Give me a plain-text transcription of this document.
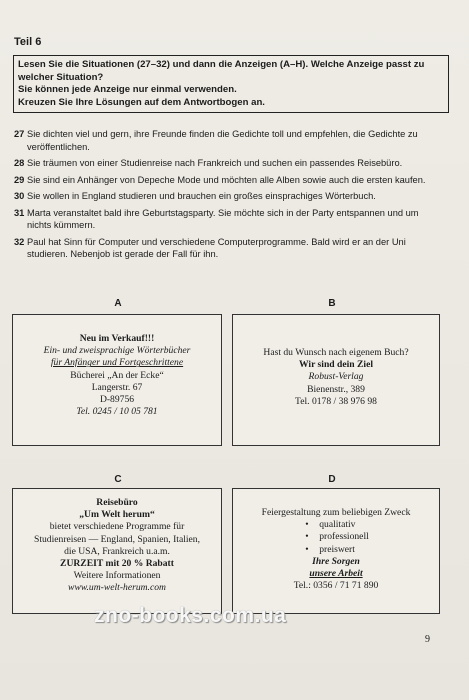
Teil 6
Lesen Sie die Situationen (27–32) und dann die Anzeigen (A–H). Welche Anzeige passt zu
welcher Situation?
Sie können jede Anzeige nur einmal verwenden.
Kreuzen Sie Ihre Lösungen auf dem Antwortbogen an.
27 Sie dichten viel und gern, ihre Freunde finden die Gedichte toll und empfehlen, die Gedichte zu veröffentlichen.
28 Sie träumen von einer Studienreise nach Frankreich und suchen ein passendes Reisebüro.
29 Sie sind ein Anhänger von Depeche Mode und möchten alle Alben sowie auch die ersten kaufen.
30 Sie wollen in England studieren und brauchen ein großes einsprachiges Wörterbuch.
31 Marta veranstaltet bald ihre Geburtstagsparty. Sie möchte sich in der Party entspannen und um nichts kümmern.
32 Paul hat Sinn für Computer und verschiedene Computerprogramme. Bald wird er an der Uni studieren. Nebenjob ist gerade der Fall für ihn.
A
Neu im Verkauf!!!
Ein- und zweisprachige Wörterbücher
für Anfänger und Fortgeschrittene
Bücherei „An der Ecke“
Langerstr. 67
D-89756
Tel. 0245 / 10 05 781
B
Hast du Wunsch nach eigenem Buch?
Wir sind dein Ziel
Robust-Verlag
Bienenstr., 389
Tel. 0178 / 38 976 98
C
Reisebüro
„Um Welt herum“
bietet verschiedene Programme für
Studienreisen — England, Spanien, Italien,
die USA, Frankreich u.a.m.
ZURZEIT mit 20 % Rabatt
Weitere Informationen
www.um-welt-herum.com
D
Feiergestaltung zum beliebigen Zweck
• qualitativ
• professionell
• preiswert
Ihre Sorgen
unsere Arbeit
Tel.: 0356 / 71 71 890
zno-books.com.ua
9
